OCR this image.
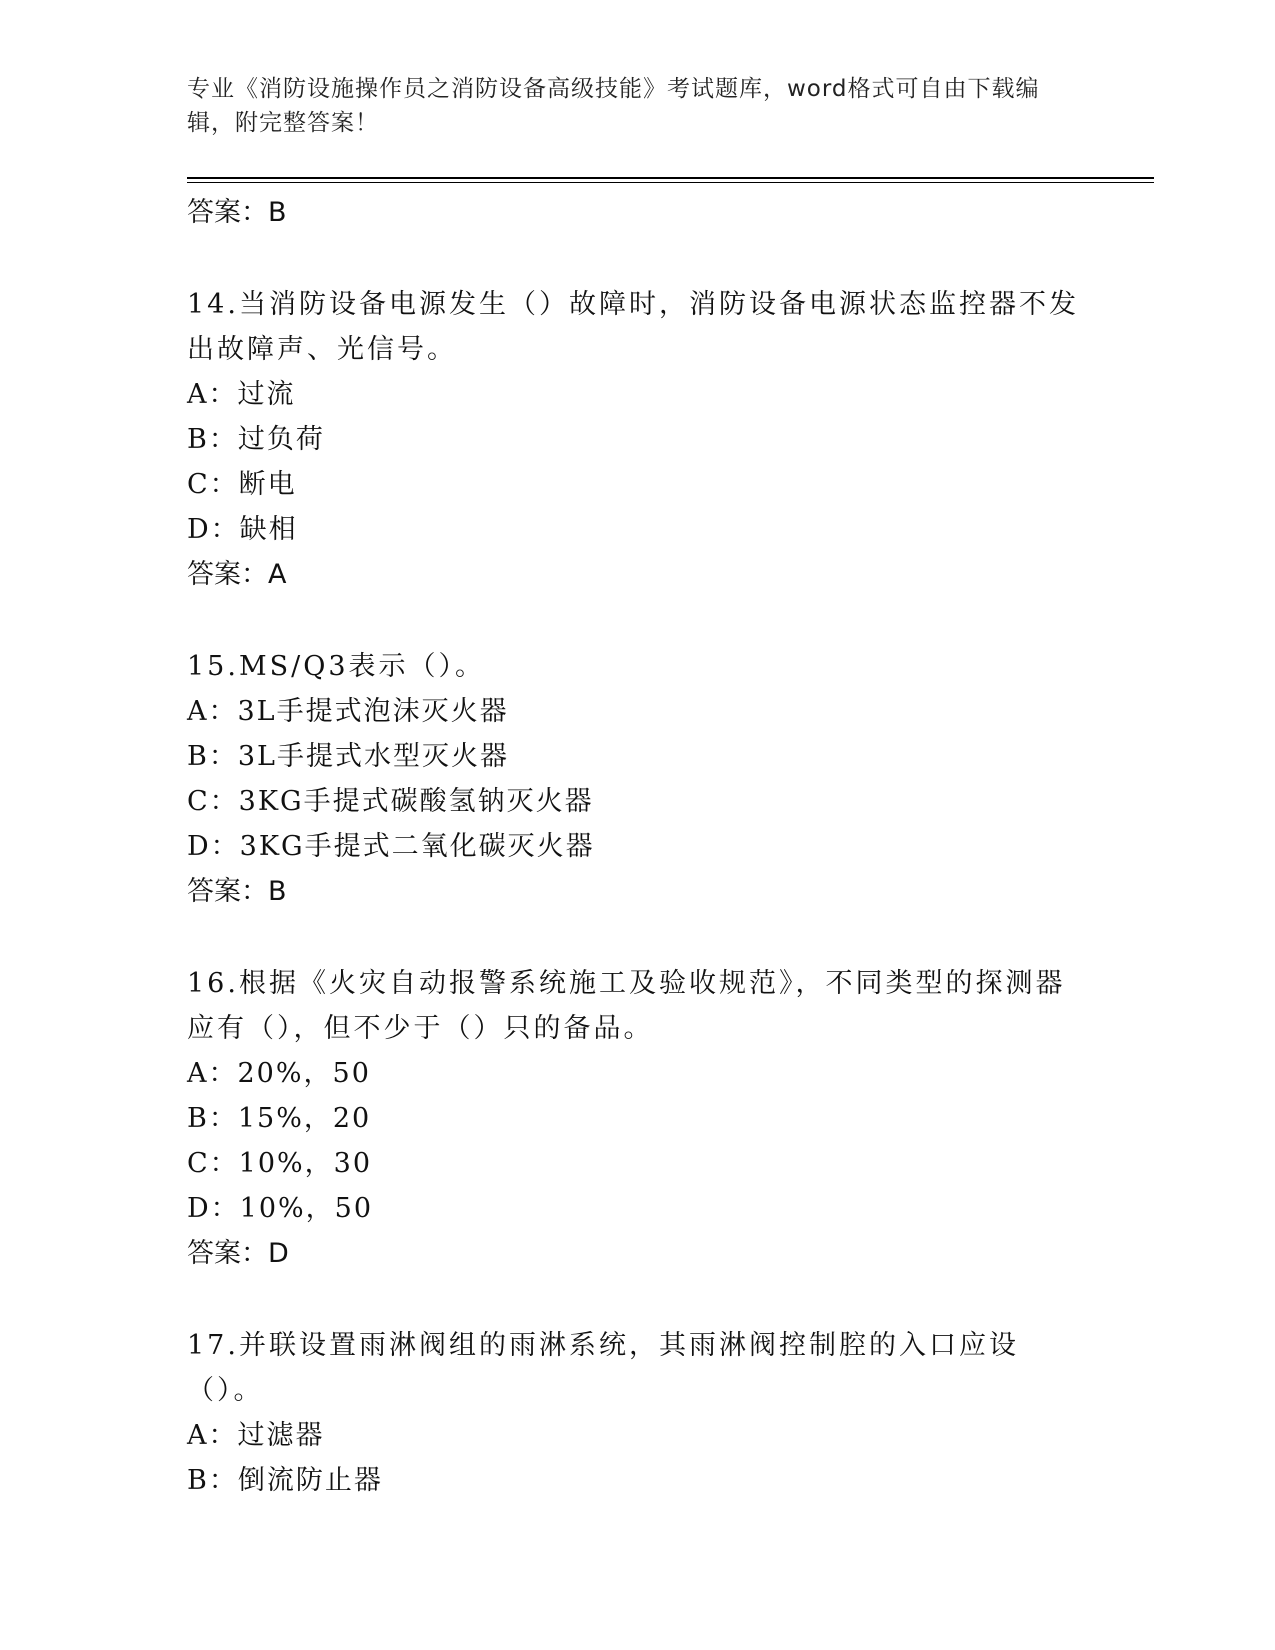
专业《消防设施操作员之消防设备高级技能》考试题库，word格式可自由下载编辑，附完整答案！
答案：B

14.当消防设备电源发生（）故障时，消防设备电源状态监控器不发出故障声、光信号。

A：过流

B：过负荷

C：断电

D：缺相

答案：A

15.MS/Q3表示（）。

A：3L手提式泡沫灭火器

B：3L手提式水型灭火器

C：3KG手提式碳酸氢钠灭火器

D：3KG手提式二氧化碳灭火器

答案：B

16.根据《火灾自动报警系统施工及验收规范》，不同类型的探测器应有（），但不少于（）只的备品。

A：20%，50

B：15%，20

C：10%，30

D：10%，50

答案：D

17.并联设置雨淋阀组的雨淋系统，其雨淋阀控制腔的入口应设（）。

A：过滤器

B：倒流防止器
